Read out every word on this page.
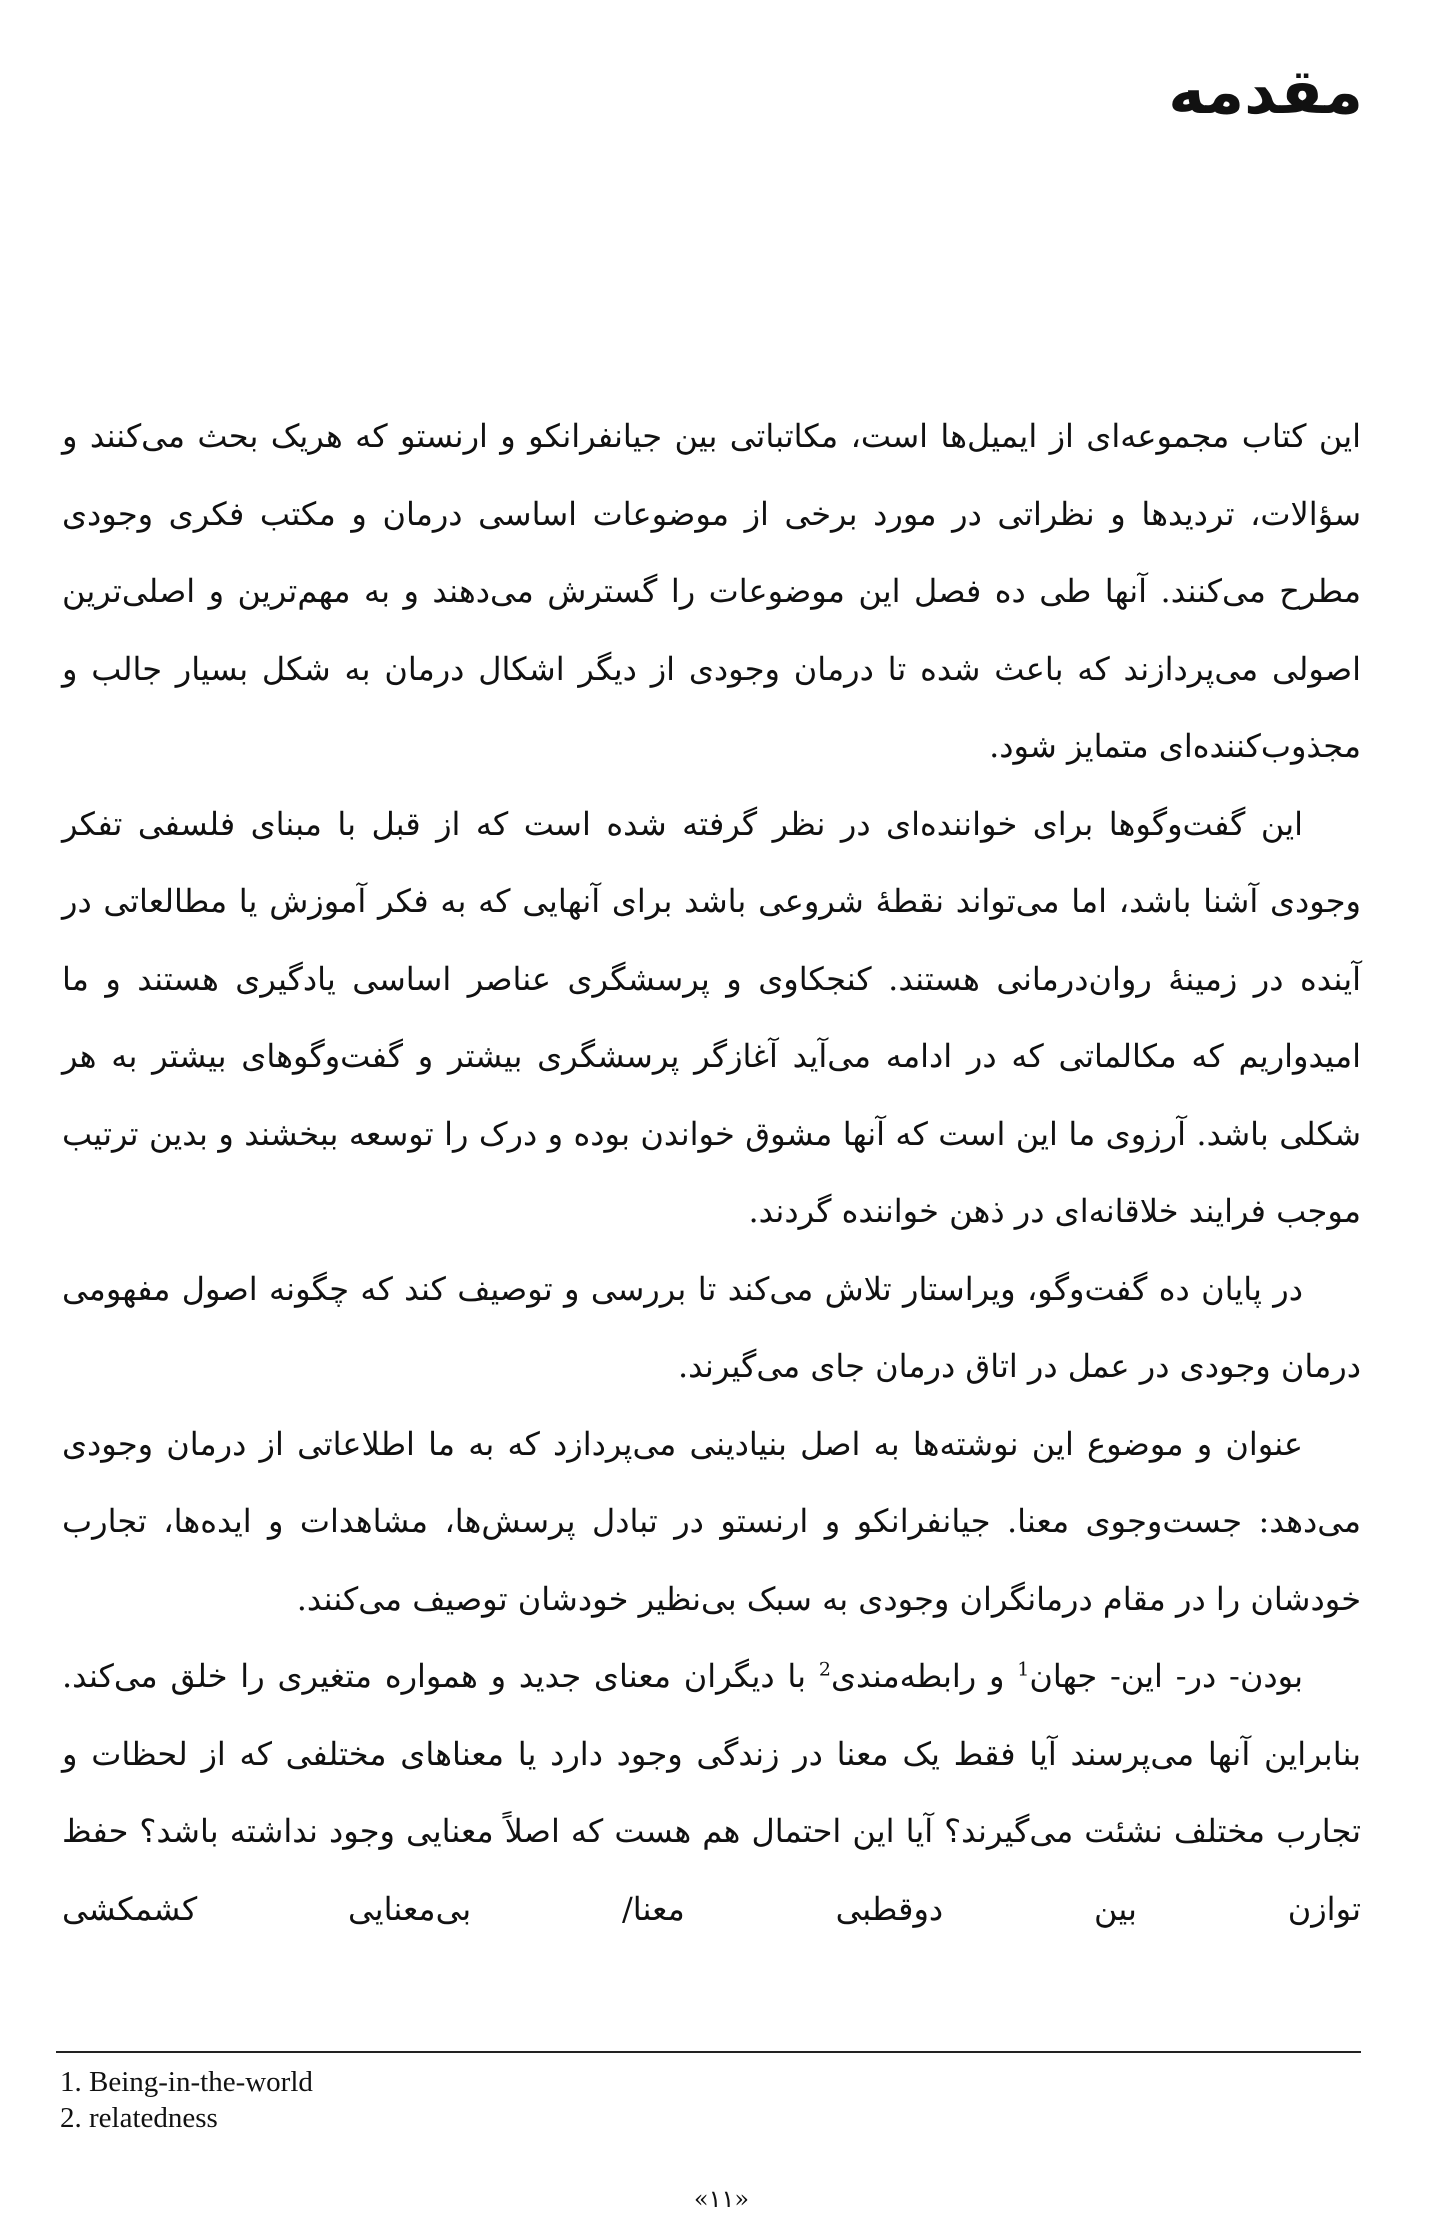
مقدمه

این کتاب مجموعه‌ای از ایمیل‌ها است، مکاتباتی بین جیانفرانکو و ارنستو که هریک بحث می‌کنند و سؤالات، تردیدها و نظراتی در مورد برخی از موضوعات اساسی درمان و مکتب فکری وجودی مطرح می‌کنند. آنها طی ده فصل این موضوعات را گسترش می‌دهند و به مهم‌ترین و اصلی‌ترین اصولی می‌پردازند که باعث شده تا درمان وجودی از دیگر اشکال درمان به شکل بسیار جالب و مجذوب‌کننده‌ای متمایز شود.

این گفت‌وگوها برای خواننده‌ای در نظر گرفته شده است که از قبل با مبنای فلسفی تفکر وجودی آشنا باشد، اما می‌تواند نقطهٔ شروعی باشد برای آنهایی که به فکر آموزش یا مطالعاتی در آینده در زمینهٔ روان‌درمانی هستند. کنجکاوی و پرسشگری عناصر اساسی یادگیری هستند و ما امیدواریم که مکالماتی که در ادامه می‌آید آغازگر پرسشگری بیشتر و گفت‌وگوهای بیشتر به هر شکلی باشد. آرزوی ما این است که آنها مشوق خواندن بوده و درک را توسعه ببخشند و بدین ترتیب موجب فرایند خلاقانه‌ای در ذهن خواننده گردند.

در پایان ده گفت‌وگو، ویراستار تلاش می‌کند تا بررسی و توصیف کند که چگونه اصول مفهومی درمان وجودی در عمل در اتاق درمان جای می‌گیرند.

عنوان و موضوع این نوشته‌ها به اصل بنیادینی می‌پردازد که به ما اطلاعاتی از درمان وجودی می‌دهد: جست‌وجوی معنا. جیانفرانکو و ارنستو در تبادل پرسش‌ها، مشاهدات و ایده‌ها، تجارب خودشان را در مقام درمانگران وجودی به سبک بی‌نظیر خودشان توصیف می‌کنند.

بودن- در- این- جهان$^1$ و رابطه‌مندی$^2$ با دیگران معنای جدید و همواره متغیری را خلق می‌کند. بنابراین آنها می‌پرسند آیا فقط یک معنا در زندگی وجود دارد یا معناهای مختلفی که از لحظات و تجارب مختلف نشئت می‌گیرند؟ آیا این احتمال هم هست که اصلاً معنایی وجود نداشته باشد؟ حفظ توازن بین دوقطبی معنا/ بی‌معنایی کشمکشی

1. Being-in-the-world

2. relatedness

«۱۱»
